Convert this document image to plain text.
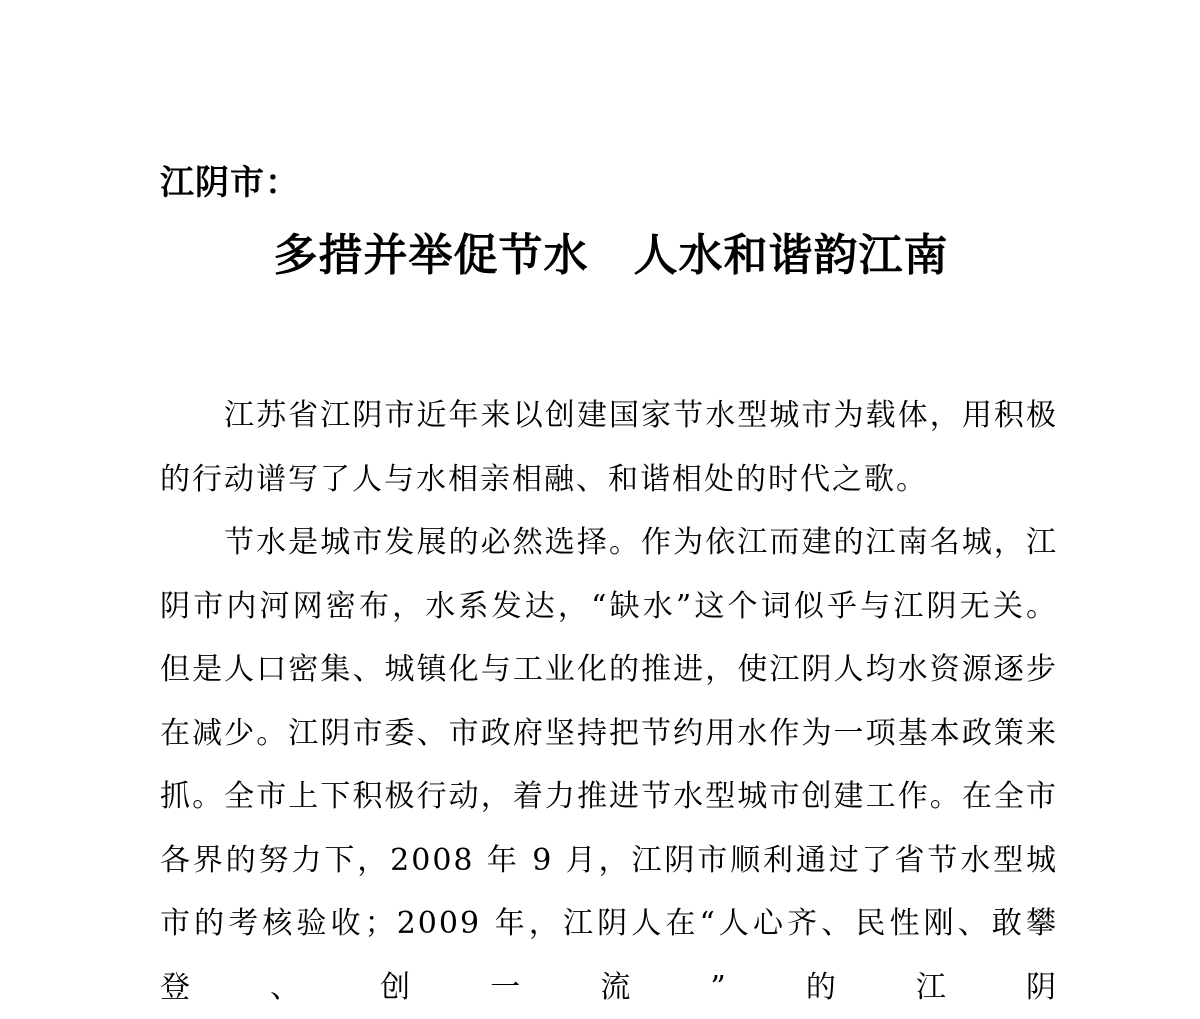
江阴市：
多措并举促节水　人水和谐韵江南

江苏省江阴市近年来以创建国家节水型城市为载体，用积极的行动谱写了人与水相亲相融、和谐相处的时代之歌。

节水是城市发展的必然选择。作为依江而建的江南名城，江阴市内河网密布，水系发达，“缺水”这个词似乎与江阴无关。但是人口密集、城镇化与工业化的推进，使江阴人均水资源逐步在减少。江阴市委、市政府坚持把节约用水作为一项基本政策来抓。全市上下积极行动，着力推进节水型城市创建工作。在全市各界的努力下，2008 年 9 月，江阴市顺利通过了省节水型城市的考核验收；2009 年，江阴人在“人心齐、民性刚、敢攀登、创一流”的江阴
